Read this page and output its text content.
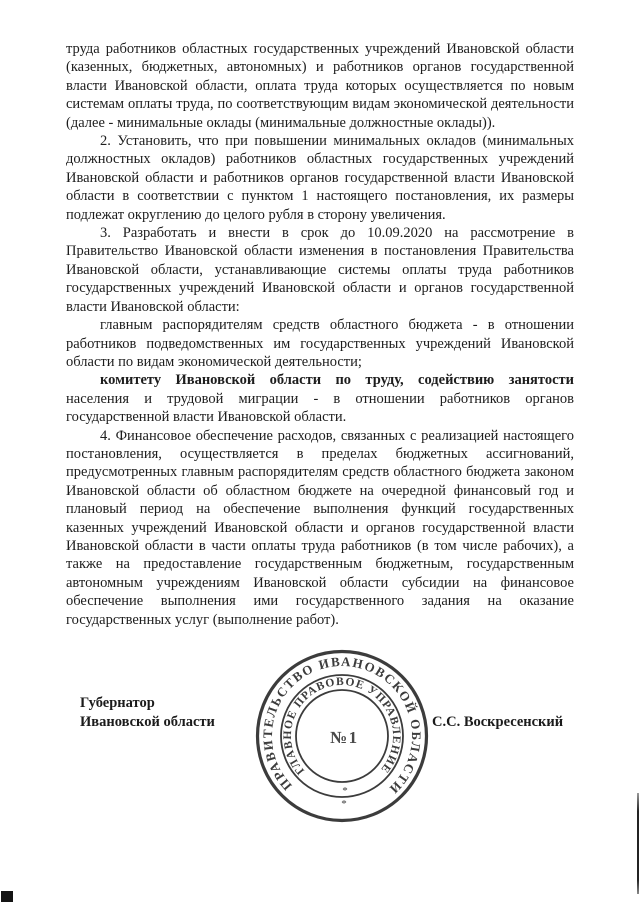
труда работников областных государственных учреждений Ивановской области (казенных, бюджетных, автономных) и работников органов государственной власти Ивановской области, оплата труда которых осуществляется по новым системам оплаты труда, по соответствующим видам экономической деятельности (далее - минимальные оклады (минимальные должностные оклады)).

2. Установить, что при повышении минимальных окладов (минимальных должностных окладов) работников областных государственных учреждений Ивановской области и работников органов государственной власти Ивановской области в соответствии с пунктом 1 настоящего постановления, их размеры подлежат округлению до целого рубля в сторону увеличения.

3. Разработать и внести в срок до 10.09.2020 на рассмотрение в Правительство Ивановской области изменения в постановления Правительства Ивановской области, устанавливающие системы оплаты труда работников государственных учреждений Ивановской области и органов государственной власти Ивановской области:

главным распорядителям средств областного бюджета - в отношении работников подведомственных им государственных учреждений Ивановской области по видам экономической деятельности;

комитету Ивановской области по труду, содействию занятости населения и трудовой миграции - в отношении работников органов государственной власти Ивановской области.

4. Финансовое обеспечение расходов, связанных с реализацией настоящего постановления, осуществляется в пределах бюджетных ассигнований, предусмотренных главным распорядителям средств областного бюджета законом Ивановской области об областном бюджете на очередной финансовый год и плановый период на обеспечение выполнения функций государственных казенных учреждений Ивановской области и органов государственной власти Ивановской области в части оплаты труда работников (в том числе рабочих), а также на предоставление государственным бюджетным, государственным автономным учреждениям Ивановской области субсидии на финансовое обеспечение выполнения ими государственного задания на оказание государственных услуг (выполнение работ).

Губернатор
Ивановской области	С.С. Воскресенский
ПРАВИТЕЛЬСТВО ИВАНОВСКОЙ ОБЛАСТИ
ГЛАВНОЕ ПРАВОВОЕ УПРАВЛЕНИЕ
№1
*
*
